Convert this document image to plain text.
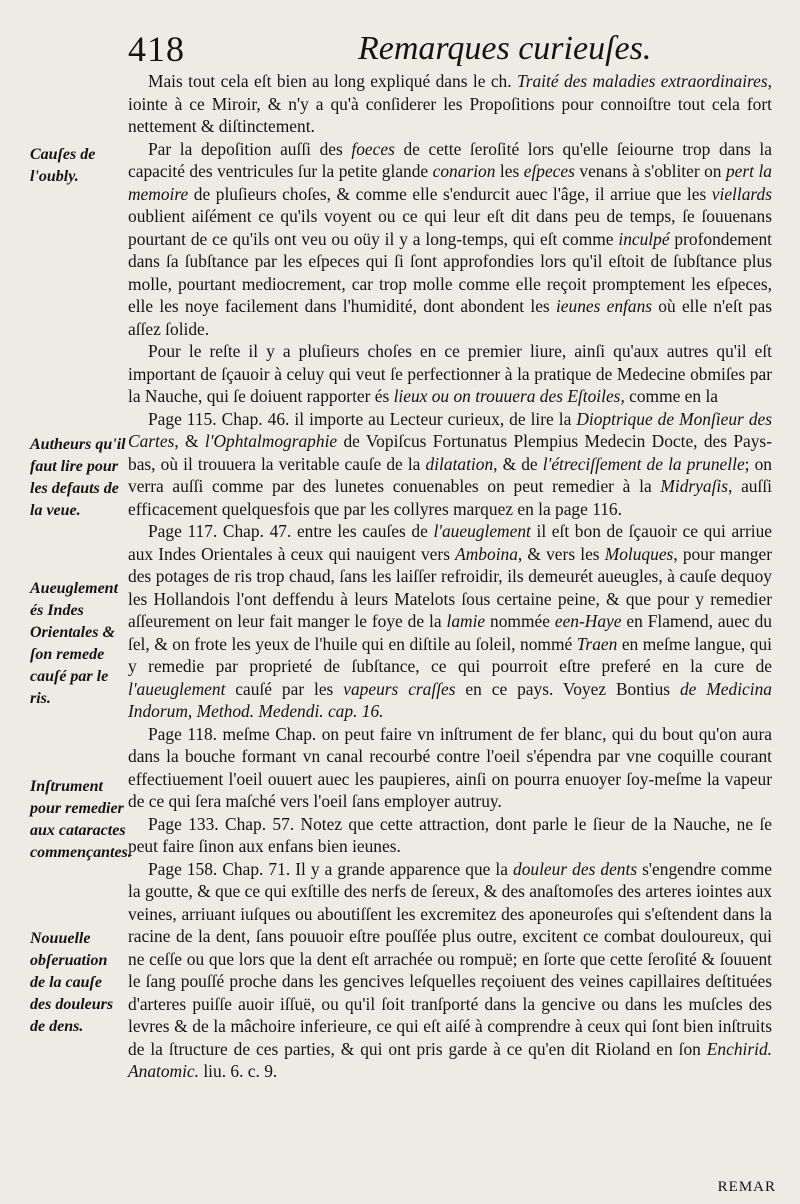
418	Remarques curieuſes.
Cauſes de l'oubly.
Autheurs qu'il faut lire pour les defauts de la veue.
Aueuglement és Indes Orientales & ſon remede cauſé par le ris.
Inſtrument pour remedier aux cataractes commençantes.
Nouuelle obſeruation de la cauſe des douleurs de dens.

Mais tout cela eſt bien au long expliqué dans le ch. Traité des maladies extraordinaires, iointe à ce Miroir, & n'y a qu'à conſiderer les Propoſitions pour connoiſtre tout cela fort nettement & diſtinctement.

Par la depoſition auſſi des foeces de cette ſeroſité lors qu'elle ſeiourne trop dans la capacité des ventricules ſur la petite glande conarion les eſpeces venans à s'obliter on pert la memoire de pluſieurs choſes, & comme elle s'endurcit auec l'âge, il arriue que les viellards oublient aiſément ce qu'ils voyent ou ce qui leur eſt dit dans peu de temps, ſe ſouuenans pourtant de ce qu'ils ont veu ou oüy il y a long-temps, qui eſt comme inculpé profondement dans ſa ſubſtance par les eſpeces qui ſi ſont approfondies lors qu'il eſtoit de ſubſtance plus molle, pourtant mediocrement, car trop molle comme elle reçoit promptement les eſpeces, elle les noye facilement dans l'humidité, dont abondent les ieunes enfans où elle n'eſt pas aſſez ſolide.

Pour le reſte il y a pluſieurs choſes en ce premier liure, ainſi qu'aux autres qu'il eſt important de ſçauoir à celuy qui veut ſe perfectionner à la pratique de Medecine obmiſes par la Nauche, qui ſe doiuent rapporter és lieux ou on trouuera des Eſtoiles, comme en la

Page 115. Chap. 46. il importe au Lecteur curieux, de lire la Dioptrique de Monſieur des Cartes, & l'Ophtalmographie de Vopiſcus Fortunatus Plempius Medecin Docte, des Pays-bas, où il trouuera la veritable cauſe de la dilatation, & de l'étreciſſement de la prunelle; on verra auſſi comme par des lunetes conuenables on peut remedier à la Midryaſis, auſſi efficacement quelquesfois que par les collyres marquez en la page 116.

Page 117. Chap. 47. entre les cauſes de l'aueuglement il eſt bon de ſçauoir ce qui arriue aux Indes Orientales à ceux qui nauigent vers Amboina, & vers les Moluques, pour manger des potages de ris trop chaud, ſans les laiſſer refroidir, ils demeurét aueugles, à cauſe dequoy les Hollandois l'ont deffendu à leurs Matelots ſous certaine peine, & que pour y remedier aſſeurement on leur fait manger le foye de la lamie nommée een-Haye en Flamend, auec du ſel, & on frote les yeux de l'huile qui en diſtile au ſoleil, nommé Traen en meſme langue, qui y remedie par proprieté de ſubſtance, ce qui pourroit eſtre preferé en la cure de l'aueuglement cauſé par les vapeurs craſſes en ce pays. Voyez Bontius de Medicina Indorum, Method. Medendi. cap. 16.

Page 118. meſme Chap. on peut faire vn inſtrument de fer blanc, qui du bout qu'on aura dans la bouche formant vn canal recourbé contre l'oeil s'épendra par vne coquille courant effectiuement l'oeil ouuert auec les paupieres, ainſi on pourra enuoyer ſoy-meſme la vapeur de ce qui ſera maſché vers l'oeil ſans employer autruy.

Page 133. Chap. 57. Notez que cette attraction, dont parle le ſieur de la Nauche, ne ſe peut faire ſinon aux enfans bien ieunes.

Page 158. Chap. 71. Il y a grande apparence que la douleur des dents s'engendre comme la goutte, & que ce qui exſtille des nerfs de ſereux, & des anaſtomoſes des arteres iointes aux veines, arriuant iuſques ou aboutiſſent les excremitez des aponeuroſes qui s'eſtendent dans la racine de la dent, ſans pouuoir eſtre pouſſée plus outre, excitent ce combat douloureux, qui ne ceſſe ou que lors que la dent eſt arrachée ou rompuë; en ſorte que cette ſeroſité & ſouuent le ſang pouſſé proche dans les gencives leſquelles reçoiuent des veines capillaires deſtituées d'arteres puiſſe auoir iſſuë, ou qu'il ſoit tranſporté dans la gencive ou dans les muſcles des levres & de la mâchoire inferieure, ce qui eſt aiſé à comprendre à ceux qui ſont bien inſtruits de la ſtructure de ces parties, & qui ont pris garde à ce qu'en dit Rioland en ſon Enchirid. Anatomic. liu. 6. c. 9.

REMAR
